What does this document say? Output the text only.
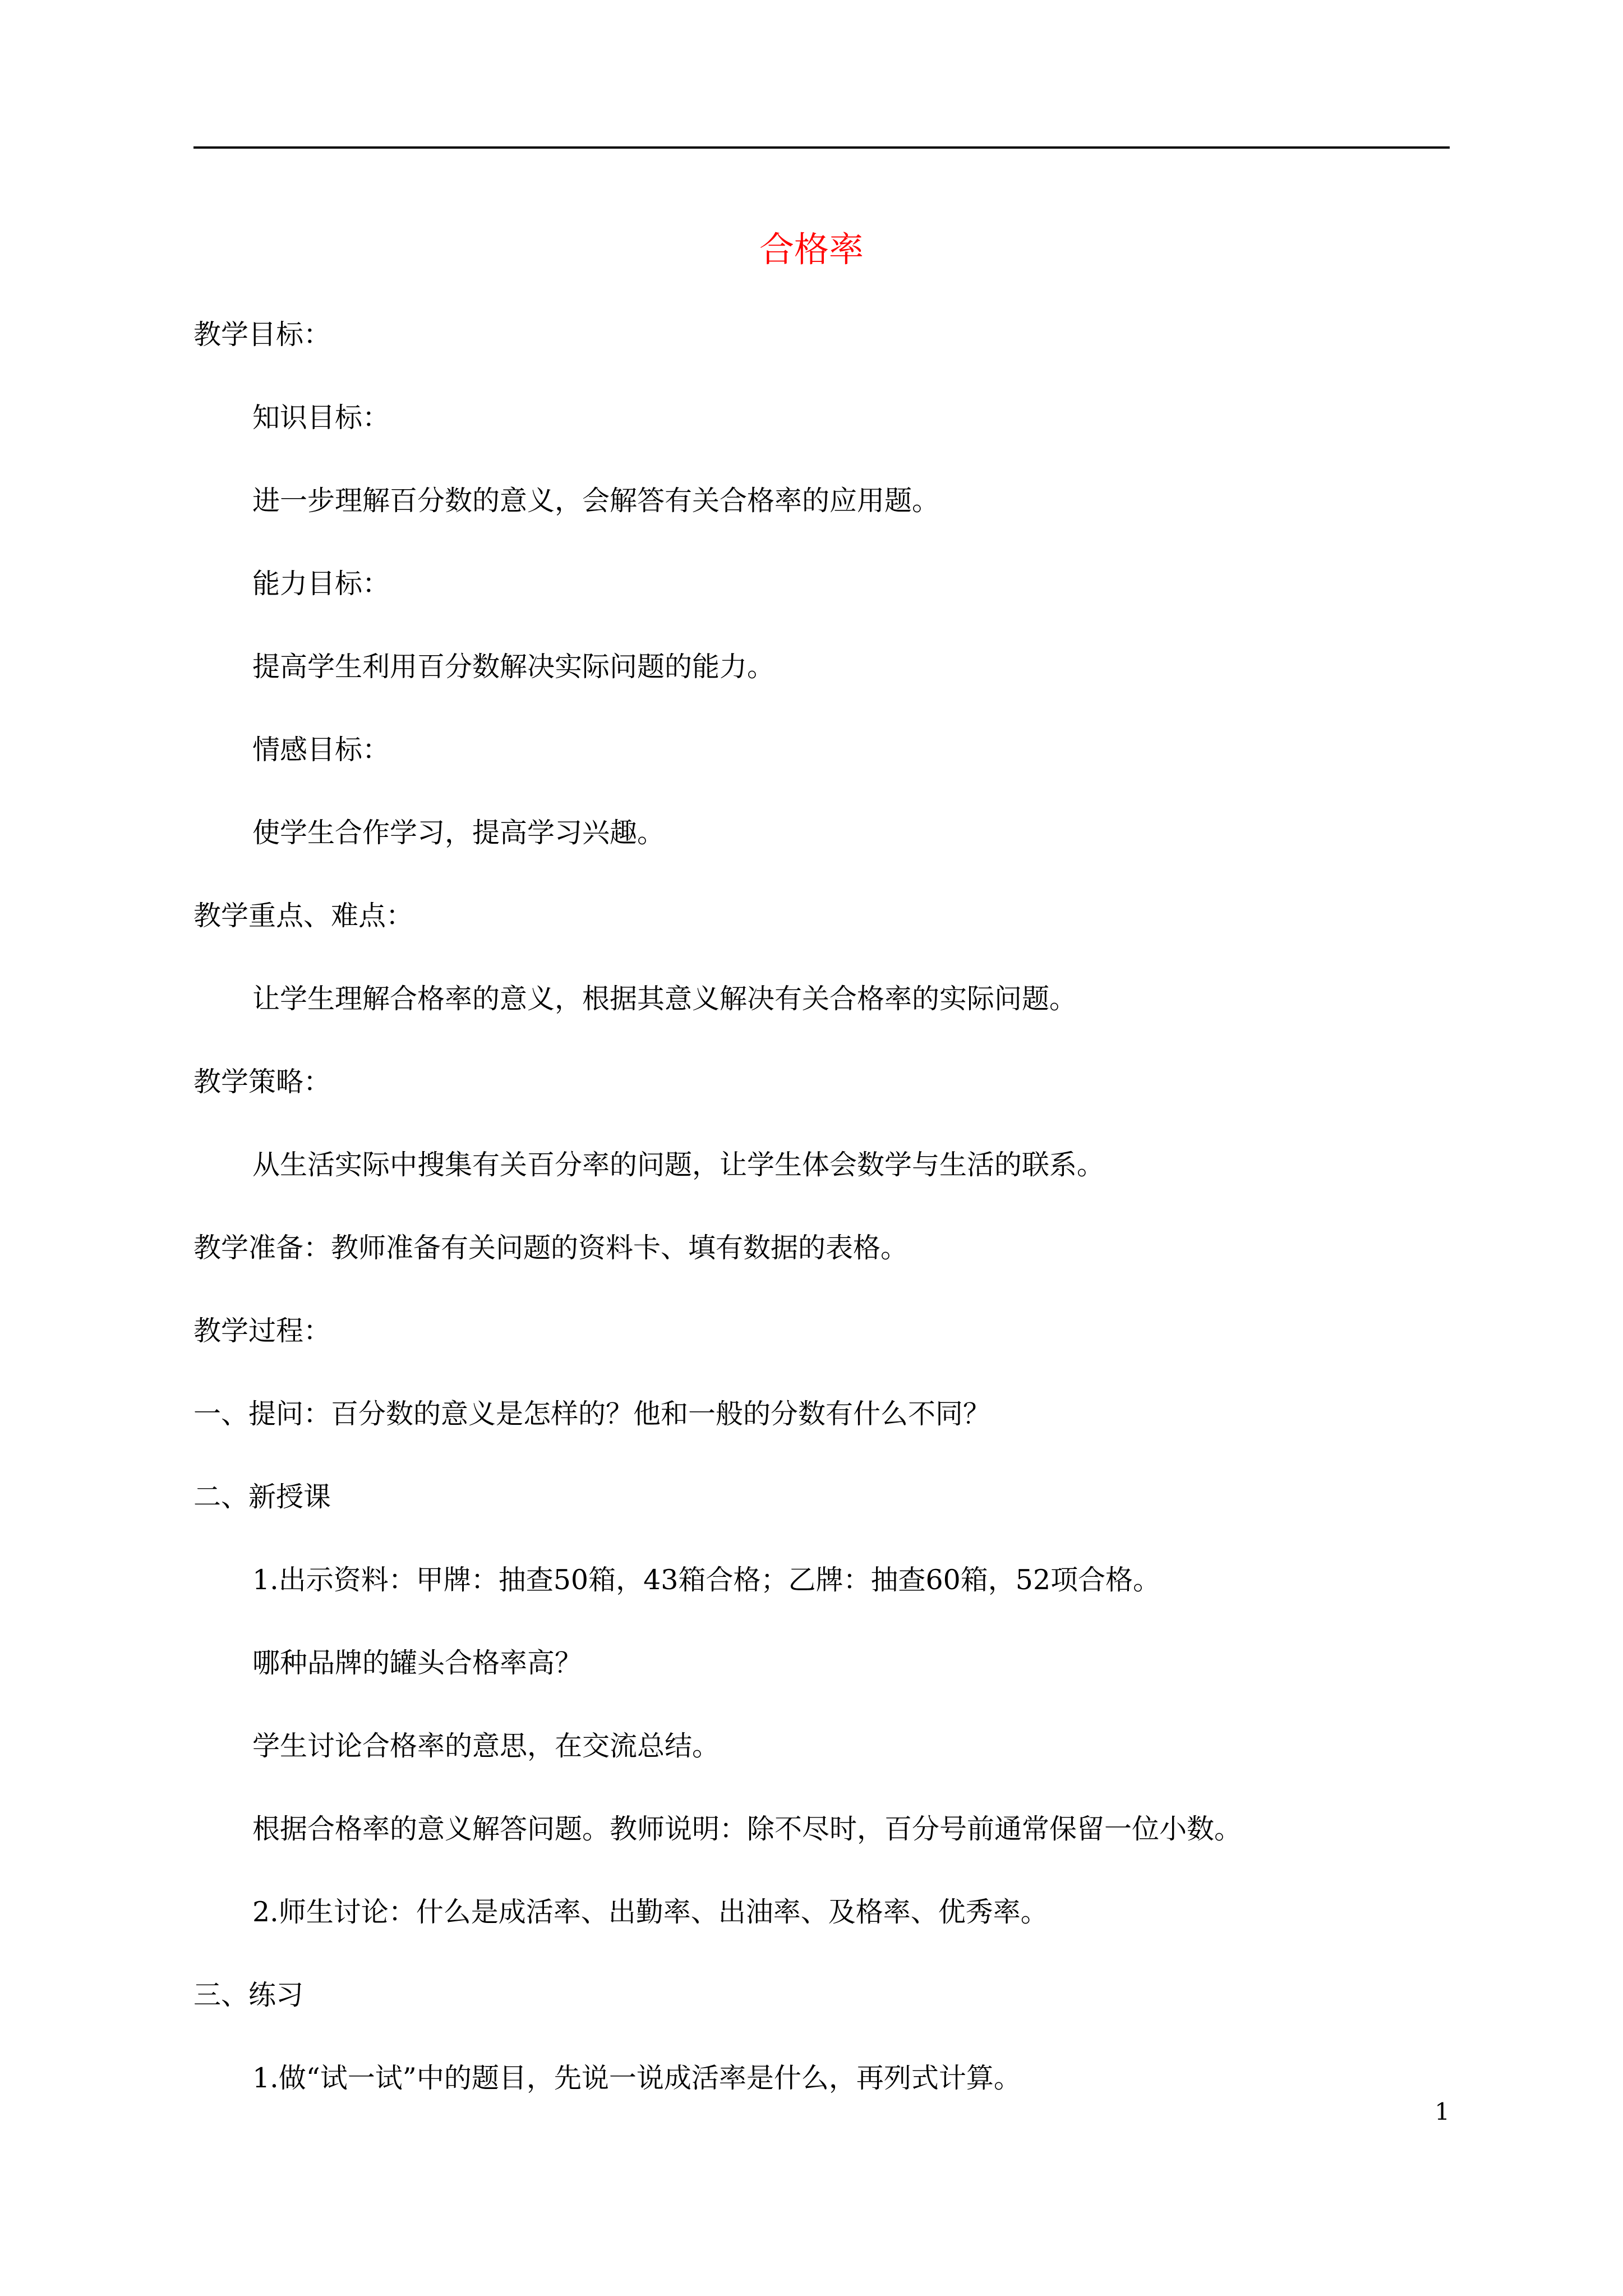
合格率
教学目标：
知识目标：
进一步理解百分数的意义，会解答有关合格率的应用题。
能力目标：
提高学生利用百分数解决实际问题的能力。
情感目标：
使学生合作学习，提高学习兴趣。
教学重点、难点：
让学生理解合格率的意义，根据其意义解决有关合格率的实际问题。
教学策略：
从生活实际中搜集有关百分率的问题，让学生体会数学与生活的联系。
教学准备：教师准备有关问题的资料卡、填有数据的表格。
教学过程：
一、提问：百分数的意义是怎样的？他和一般的分数有什么不同？
二、新授课
1.出示资料：甲牌：抽查50箱，43箱合格；乙牌：抽查60箱，52项合格。
哪种品牌的罐头合格率高？
学生讨论合格率的意思，在交流总结。
根据合格率的意义解答问题。教师说明：除不尽时，百分号前通常保留一位小数。
2.师生讨论：什么是成活率、出勤率、出油率、及格率、优秀率。
三、练习
1.做“试一试”中的题目，先说一说成活率是什么，再列式计算。
1
